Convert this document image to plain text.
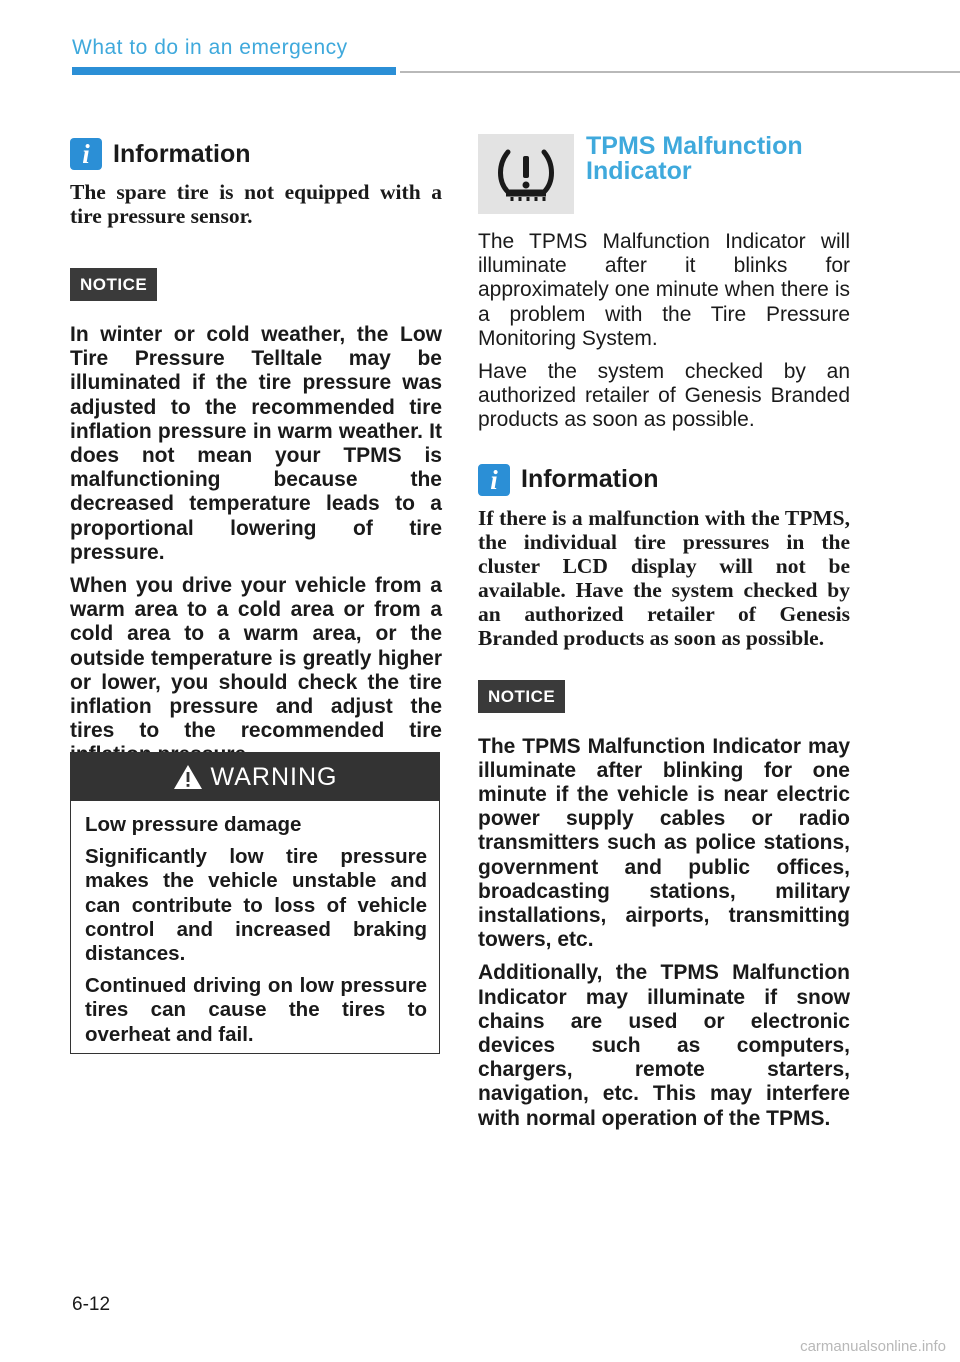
What to do in an emergency
i Information

The spare tire is not equipped with a tire pressure sensor.

NOTICE

In winter or cold weather, the Low Tire Pressure Telltale may be illuminated if the tire pressure was adjusted to the recommended tire inflation pressure in warm weather. It does not mean your TPMS is malfunctioning because the decreased temperature leads to a proportional lowering of tire pressure.

When you drive your vehicle from a warm area to a cold area or from a cold area to a warm area, or the outside temperature is greatly higher or lower, you should check the tire inflation pressure and adjust the tires to the recommended tire

WARNING

Low pressure damage

Significantly low tire pressure makes the vehicle unstable and can contribute to loss of vehicle control and increased braking distances.

Continued driving on low pressure tires can cause the tires to overheat and fail.

TPMS Malfunction
Indicator

The TPMS Malfunction Indicator will illuminate after it blinks for approximately one minute when there is a problem with the Tire Pressure Monitoring System.

Have the system checked by an authorized retailer of Genesis Branded products as soon as possible.

i Information

If there is a malfunction with the TPMS, the individual tire pressures in the cluster LCD display will not be available. Have the system checked by an authorized retailer of Genesis Branded products as soon as possible.

NOTICE

The TPMS Malfunction Indicator may illuminate after blinking for one minute if the vehicle is near electric power supply cables or radio transmitters such as police stations, government and public offices, broadcasting stations, military installations, airports, transmitting towers, etc.

Additionally, the TPMS Malfunction Indicator may illuminate if snow chains are used or electronic devices such as computers, chargers, remote starters, navigation, etc. This may interfere with normal operation of the TPMS.

6-12
carmanualsonline.info
